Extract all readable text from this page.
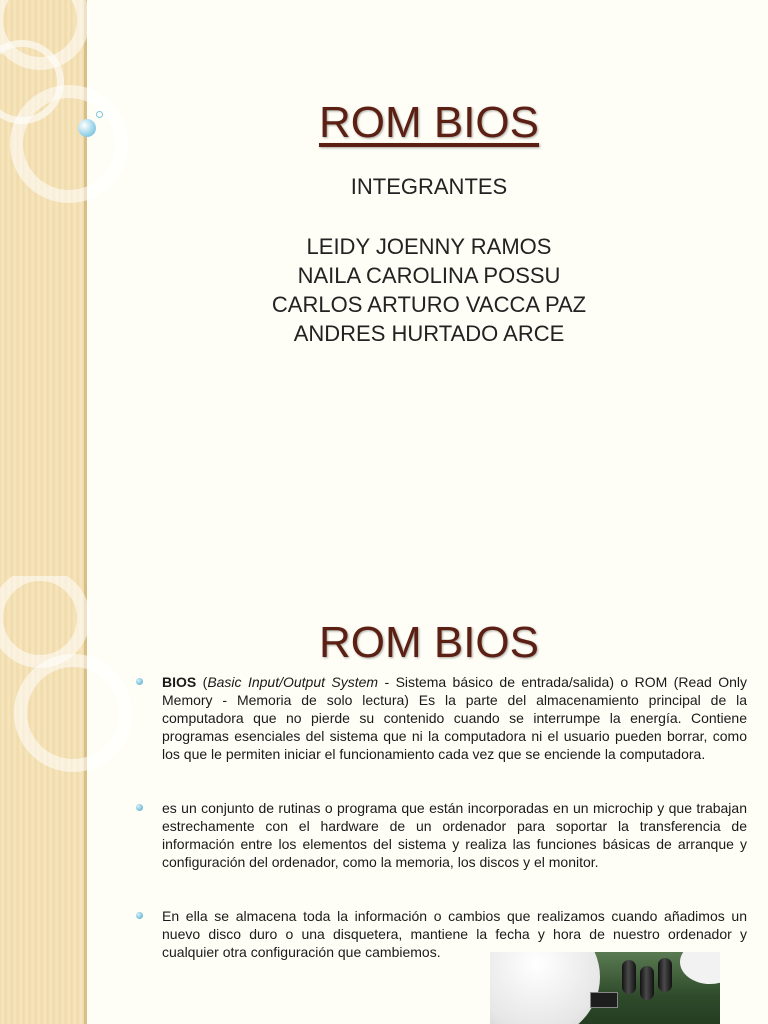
ROM BIOS

INTEGRANTES

LEIDY JOENNY RAMOS
NAILA CAROLINA POSSU
CARLOS ARTURO VACCA PAZ
ANDRES HURTADO ARCE
ROM BIOS
BIOS (Basic Input/Output System - Sistema básico de entrada/salida) o ROM (Read Only Memory - Memoria de solo lectura) Es la parte del almacenamiento principal de la computadora que no pierde su contenido cuando se interrumpe la energía. Contiene programas esenciales del sistema que ni la computadora ni el usuario pueden borrar, como los que le permiten iniciar el funcionamiento cada vez que se enciende la computadora.
es un conjunto de rutinas o programa que están incorporadas en un microchip y que trabajan estrechamente con el hardware de un ordenador para soportar la transferencia de información entre los elementos del sistema y realiza las funciones básicas de arranque y configuración del ordenador, como la memoria, los discos y el monitor.
En ella se almacena toda la información o cambios que realizamos cuando añadimos un nuevo disco duro o una disquetera, mantiene la fecha y hora de nuestro ordenador y cualquier otra configuración que cambiemos.
